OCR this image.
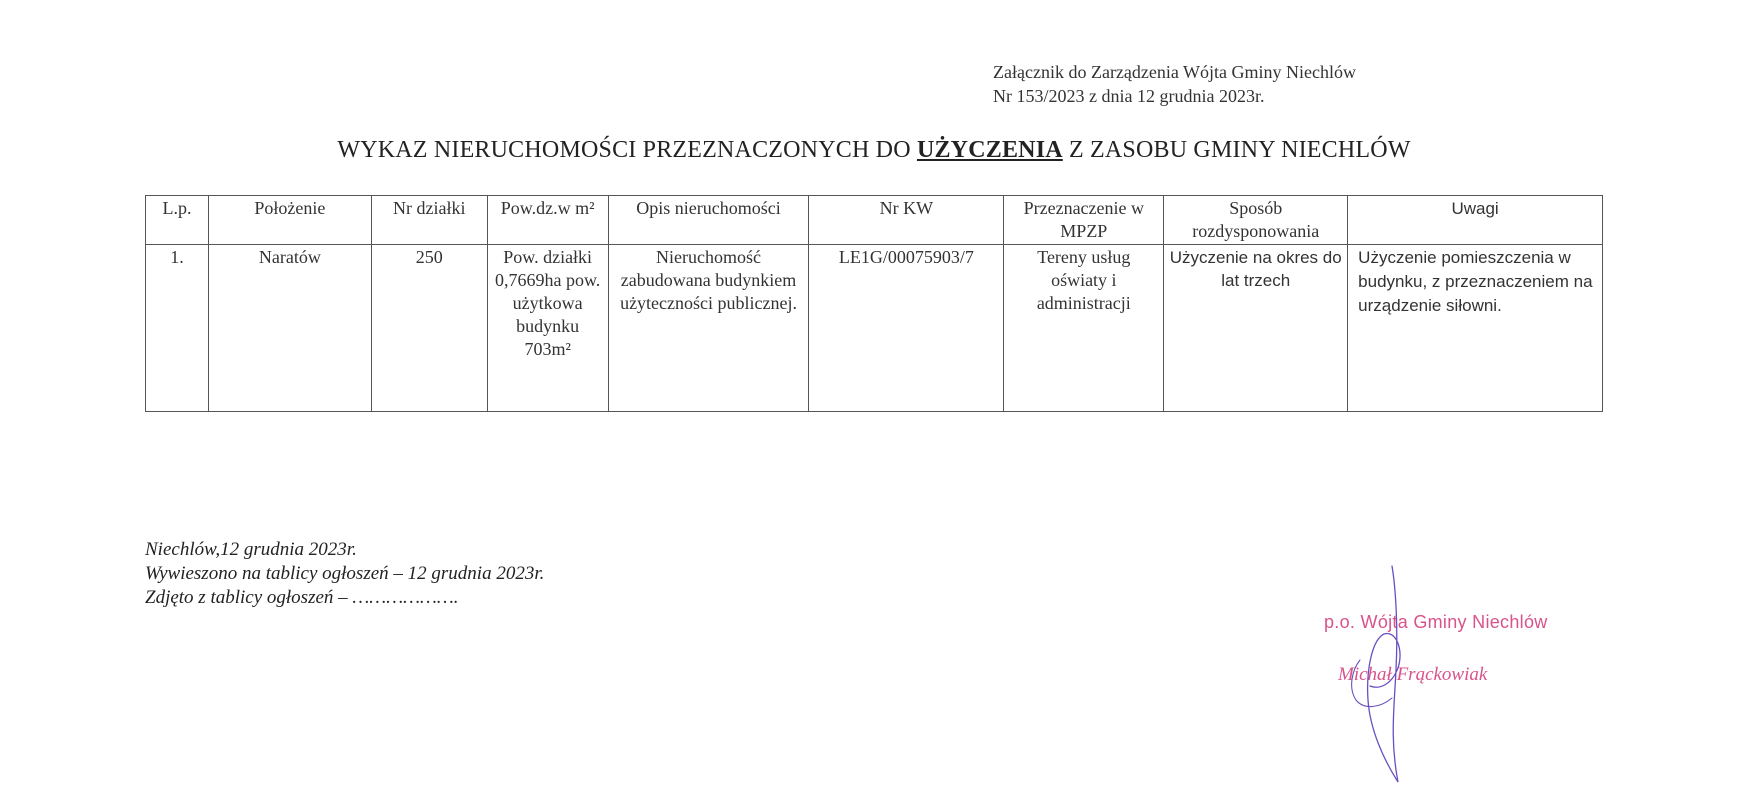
Załącznik do Zarządzenia Wójta Gminy Niechlów
Nr 153/2023 z dnia 12 grudnia 2023r.
WYKAZ NIERUCHOMOŚCI PRZEZNACZONYCH DO UŻYCZENIA Z ZASOBU GMINY NIECHLÓW
L.p.	Położenie	Nr działki	Pow.dz.w m²	Opis nieruchomości	Nr KW	Przeznaczenie w MPZP	Sposób rozdysponowania	Uwagi
1.	Naratów	250	Pow. działki 0,7669ha pow. użytkowa budynku 703m²	Nieruchomość zabudowana budynkiem użyteczności publicznej.	LE1G/00075903/7	Tereny usług oświaty i administracji	Użyczenie na okres do lat trzech	Użyczenie pomieszczenia w budynku, z przeznaczeniem na urządzenie siłowni.
Niechlów,12 grudnia 2023r.
Wywieszono na tablicy ogłoszeń – 12 grudnia 2023r.
Zdjęto z tablicy ogłoszeń – ……………….
p.o. Wójta Gminy Niechlów
Michał Frąckowiak
